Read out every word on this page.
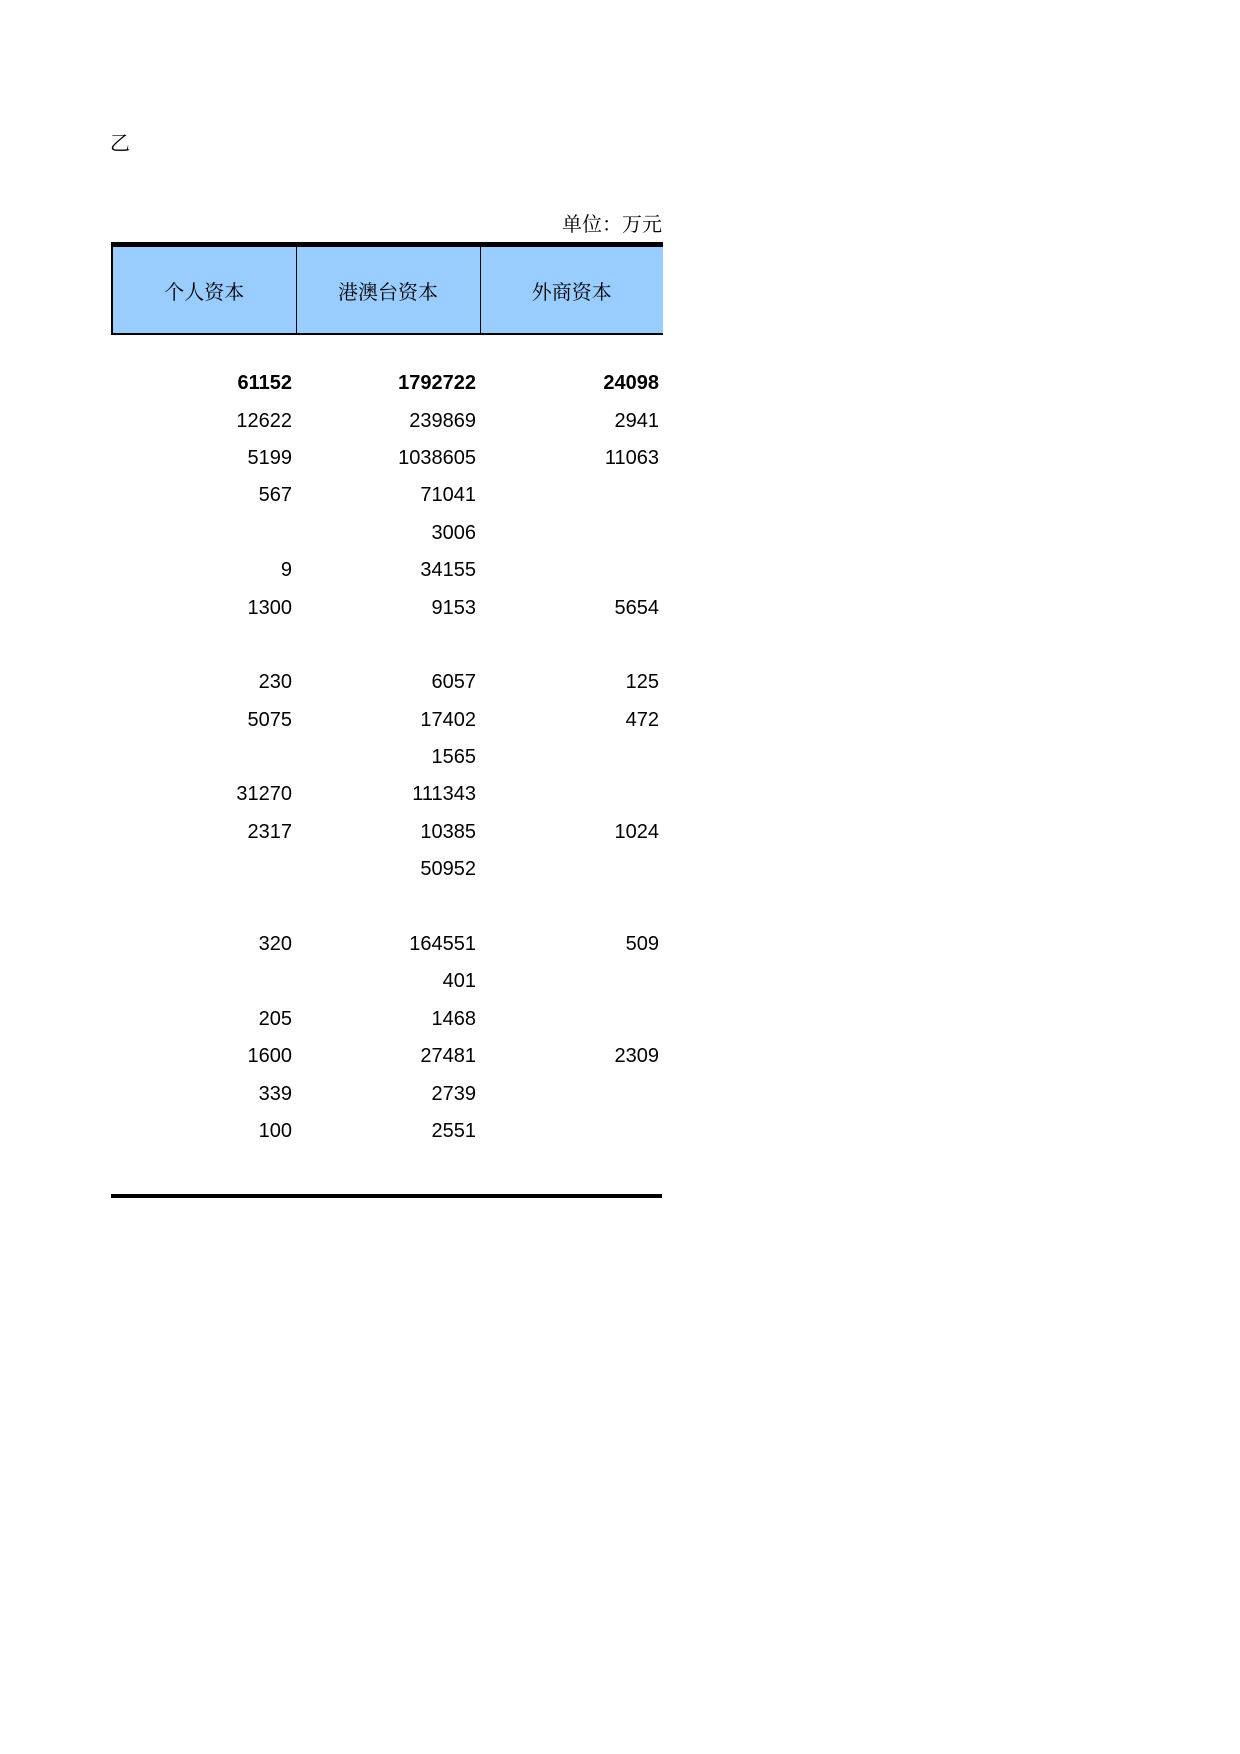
乙
单位：万元
个人资本	港澳台资本	外商资本

61152	1792722	24098
12622	239869	2941
5199	1038605	11063
567	71041	
	3006	
9	34155	
1300	9153	5654

230	6057	125
5075	17402	472
	1565	
31270	111343	
2317	10385	1024
	50952	

320	164551	509
	401	
205	1468	
1600	27481	2309
339	2739	
100	2551	
